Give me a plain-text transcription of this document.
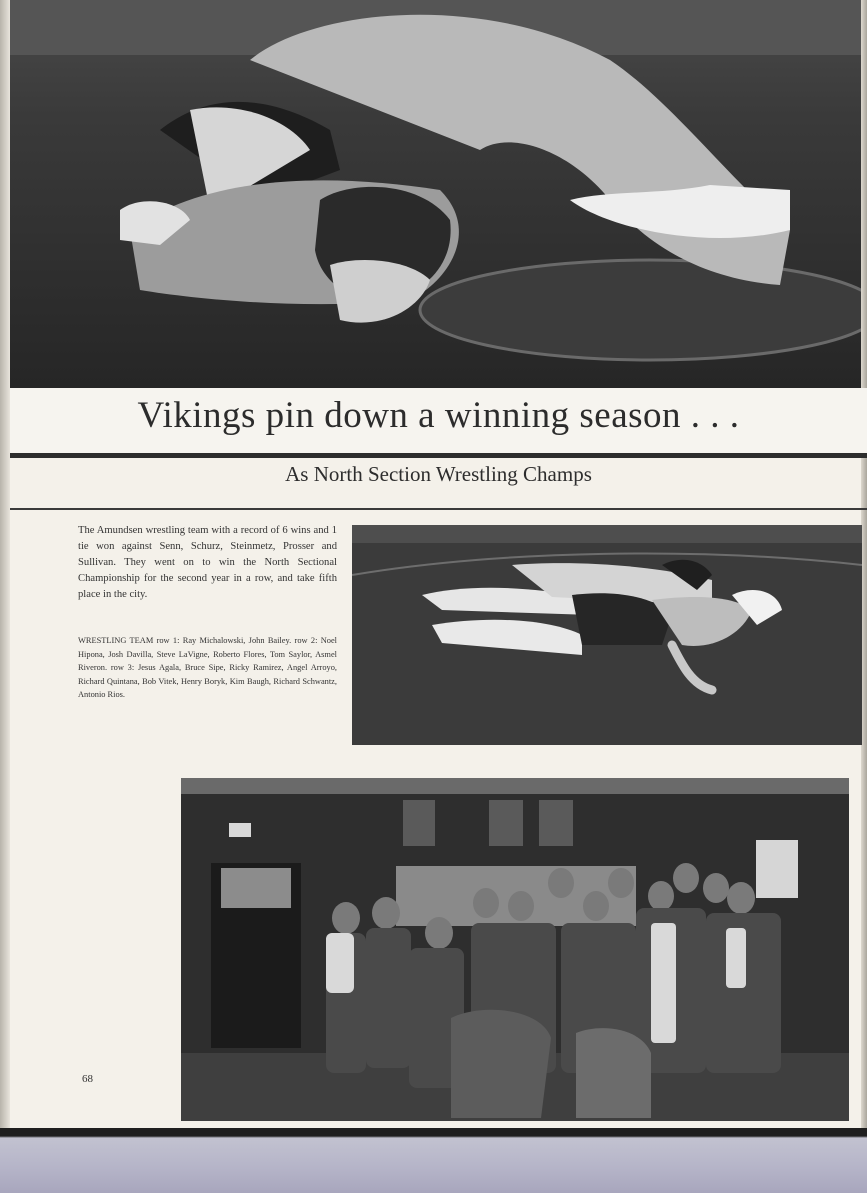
Vikings pin down a winning season . . .
As North Section Wrestling Champs

The Amundsen wrestling team with a record of 6 wins and 1 tie won against Senn, Schurz, Steinmetz, Prosser and Sullivan. They went on to win the North Sectional Championship for the second year in a row, and take fifth place in the city.

WRESTLING TEAM row 1: Ray Michalowski, John Bailey. row 2: Noel Hipona, Josh Davilla, Steve LaVigne, Roberto Flores, Tom Saylor, Asmel Riveron. row 3: Jesus Agala, Bruce Sipe, Ricky Ramirez, Angel Arroyo, Richard Quintana, Bob Vitek, Henry Boryk, Kim Baugh, Richard Schwantz, Antonio Rios.

68
